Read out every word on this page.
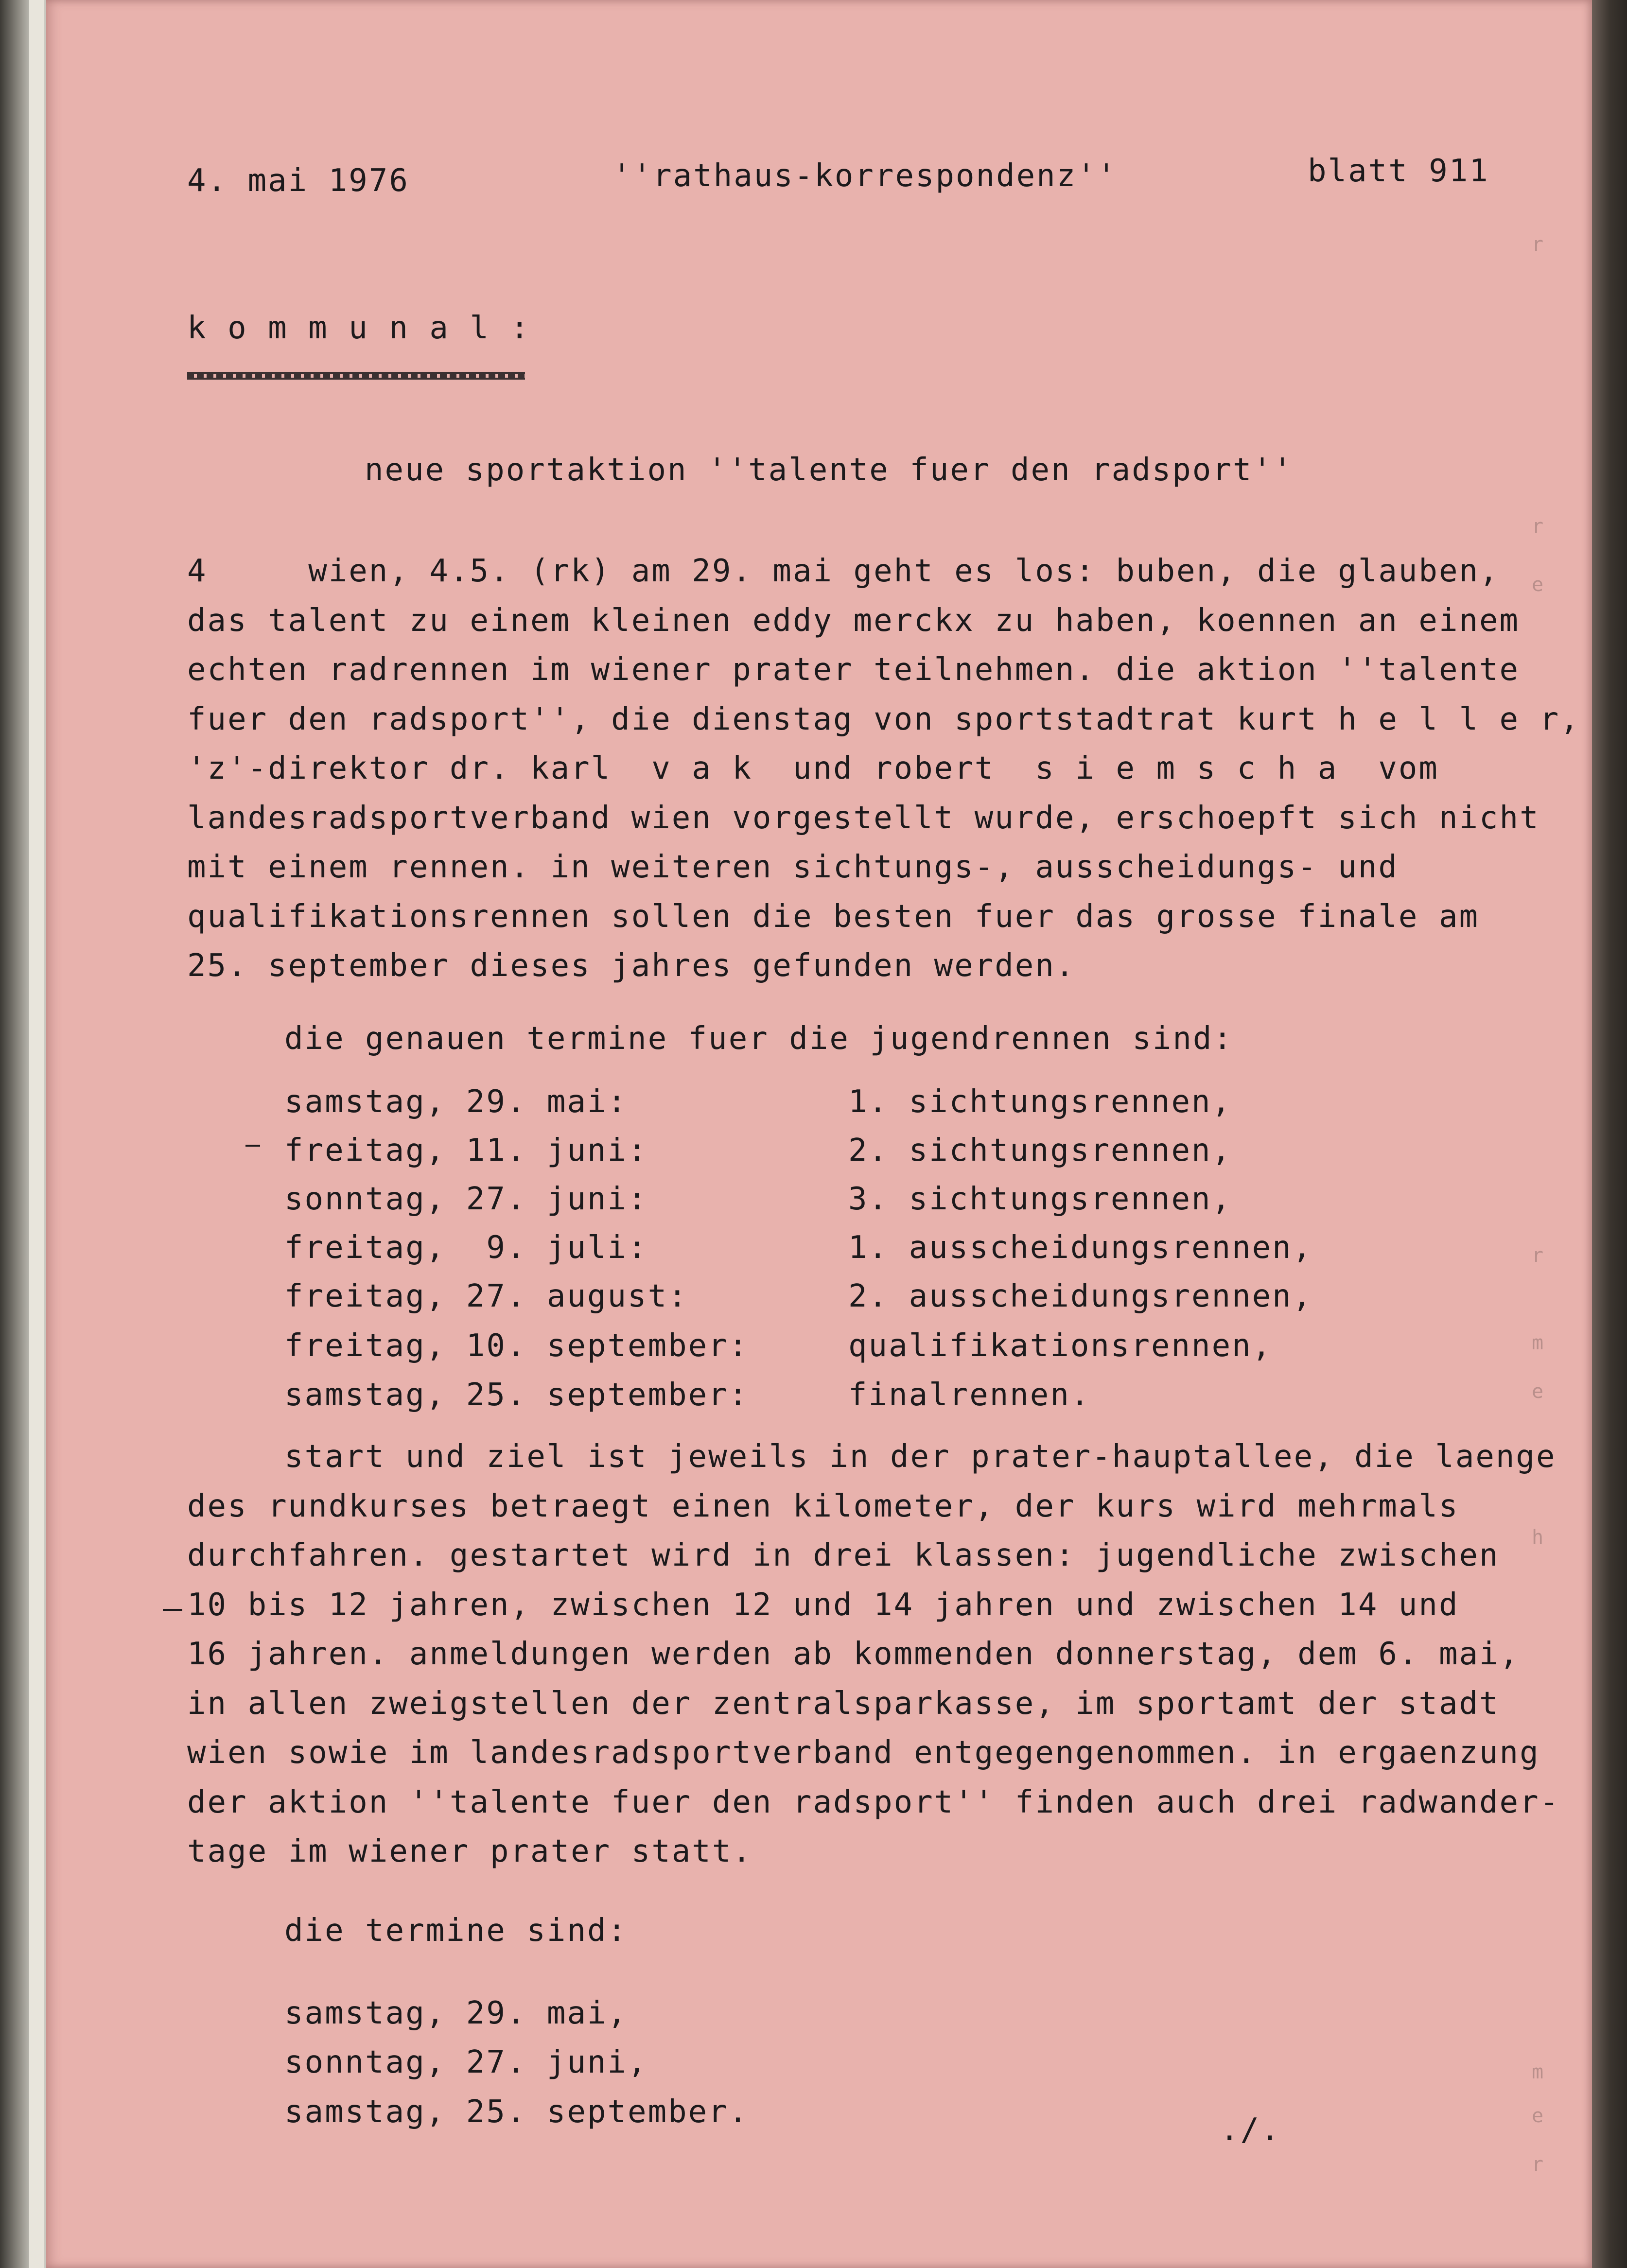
r
r
e
r
m
e
h
m
e
r
4. mai 1976	''rathaus-korrespondenz''	blatt 911
k o m m u n a l :
neue sportaktion ''talente fuer den radsport''
4     wien, 4.5. (rk) am 29. mai geht es los: buben, die glauben,
das talent zu einem kleinen eddy merckx zu haben, koennen an einem
echten radrennen im wiener prater teilnehmen. die aktion ''talente
fuer den radsport'', die dienstag von sportstadtrat kurt h e l l e r,
'z'-direktor dr. karl  v a k  und robert  s i e m s c h a  vom
landesradsportverband wien vorgestellt wurde, erschoepft sich nicht
mit einem rennen. in weiteren sichtungs-, ausscheidungs- und
qualifikationsrennen sollen die besten fuer das grosse finale am
25. september dieses jahres gefunden werden.
die genauen termine fuer die jugendrennen sind:
samstag, 29. mai:	1. sichtungsrennen,
freitag, 11. juni:	2. sichtungsrennen,
sonntag, 27. juni:	3. sichtungsrennen,
freitag,  9. juli:	1. ausscheidungsrennen,
freitag, 27. august:	2. ausscheidungsrennen,
freitag, 10. september:	qualifikationsrennen,
samstag, 25. september:	finalrennen.
start und ziel ist jeweils in der prater-hauptallee, die laenge
des rundkurses betraegt einen kilometer, der kurs wird mehrmals
durchfahren. gestartet wird in drei klassen: jugendliche zwischen
10 bis 12 jahren, zwischen 12 und 14 jahren und zwischen 14 und
16 jahren. anmeldungen werden ab kommenden donnerstag, dem 6. mai,
in allen zweigstellen der zentralsparkasse, im sportamt der stadt
wien sowie im landesradsportverband entgegengenommen. in ergaenzung
der aktion ''talente fuer den radsport'' finden auch drei radwander-
tage im wiener prater statt.
die termine sind:
samstag, 29. mai,
sonntag, 27. juni,
samstag, 25. september.	./.
